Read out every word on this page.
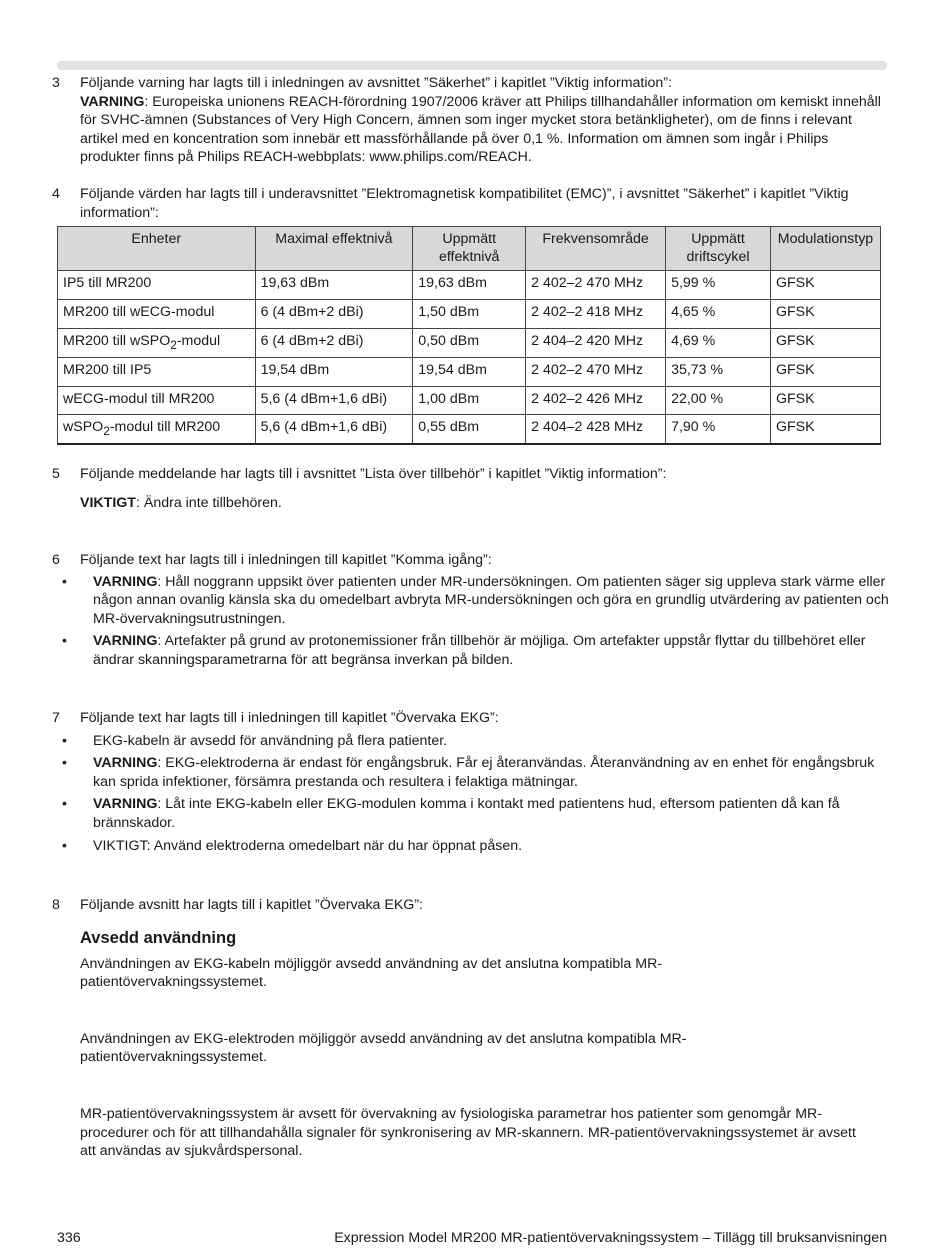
3 Följande varning har lagts till i inledningen av avsnittet ”Säkerhet” i kapitlet ”Viktig information”:

VARNING: Europeiska unionens REACH-förordning 1907/2006 kräver att Philips tillhandahåller information om kemiskt innehåll för SVHC-ämnen (Substances of Very High Concern, ämnen som inger mycket stora betänkligheter), om de finns i relevant artikel med en koncentration som innebär ett massförhållande på över 0,1 %. Information om ämnen som ingår i Philips produkter finns på Philips REACH-webbplats: www.philips.com/REACH.

4 Följande värden har lagts till i underavsnittet ”Elektromagnetisk kompatibilitet (EMC)”, i avsnittet ”Säkerhet” i kapitlet ”Viktig information”:

Enheter	Maximal effektnivå	Uppmätt effektnivå	Frekvensområde	Uppmätt driftscykel	Modulationstyp
IP5 till MR200	19,63 dBm	19,63 dBm	2 402–2 470 MHz	5,99 %	GFSK
MR200 till wECG-modul	6 (4 dBm+2 dBi)	1,50 dBm	2 402–2 418 MHz	4,65 %	GFSK
MR200 till wSPO$_2$-modul	6 (4 dBm+2 dBi)	0,50 dBm	2 404–2 420 MHz	4,69 %	GFSK
MR200 till IP5	19,54 dBm	19,54 dBm	2 402–2 470 MHz	35,73 %	GFSK
wECG-modul till MR200	5,6 (4 dBm+1,6 dBi)	1,00 dBm	2 402–2 426 MHz	22,00 %	GFSK
wSPO$_2$-modul till MR200	5,6 (4 dBm+1,6 dBi)	0,55 dBm	2 404–2 428 MHz	7,90 %	GFSK
5 Följande meddelande har lagts till i avsnittet ”Lista över tillbehör” i kapitlet ”Viktig information”:

VIKTIGT: Ändra inte tillbehören.

6 Följande text har lagts till i inledningen till kapitlet ”Komma igång”:

• VARNING: Håll noggrann uppsikt över patienten under MR-undersökningen. Om patienten säger sig uppleva stark värme eller någon annan ovanlig känsla ska du omedelbart avbryta MR-undersökningen och göra en grundlig utvärdering av patienten och MR-övervakningsutrustningen.
• VARNING: Artefakter på grund av protonemissioner från tillbehör är möjliga. Om artefakter uppstår flyttar du tillbehöret eller ändrar skanningsparametrarna för att begränsa inverkan på bilden.
7 Följande text har lagts till i inledningen till kapitlet ”Övervaka EKG”:

• EKG-kabeln är avsedd för användning på flera patienter.
• VARNING: EKG-elektroderna är endast för engångsbruk. Får ej återanvändas. Återanvändning av en enhet för engångsbruk kan sprida infektioner, försämra prestanda och resultera i felaktiga mätningar.
• VARNING: Låt inte EKG-kabeln eller EKG-modulen komma i kontakt med patientens hud, eftersom patienten då kan få brännskador.
• VIKTIGT: Använd elektroderna omedelbart när du har öppnat påsen.
8 Följande avsnitt har lagts till i kapitlet ”Övervaka EKG”:

Avsedd användning

Användningen av EKG-kabeln möjliggör avsedd användning av det anslutna kompatibla MR-patientövervakningssystemet.

Användningen av EKG-elektroden möjliggör avsedd användning av det anslutna kompatibla MR-patientövervakningssystemet.

MR-patientövervakningssystem är avsett för övervakning av fysiologiska parametrar hos patienter som genomgår MR-procedurer och för att tillhandahålla signaler för synkronisering av MR-skannern. MR-patientövervakningssystemet är avsett att användas av sjukvårdspersonal.

336	Expression Model MR200 MR-patientövervakningssystem – Tillägg till bruksanvisningen
